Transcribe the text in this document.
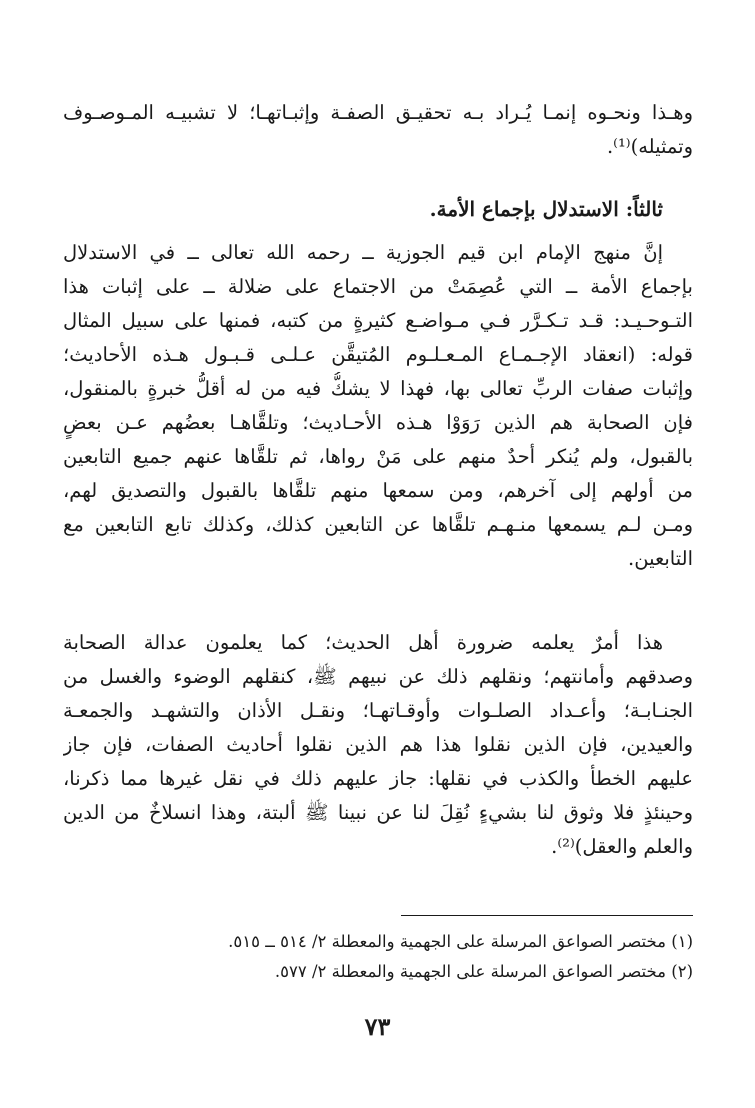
وهـذا ونحـوه إنمـا يُـراد بـه تحقيـق الصفـة وإثبـاتهـا؛ لا تشبيـه المـوصـوف
وتمثيله)⁽¹⁾.
ثالثاً: الاستدلال بإجماع الأمة.
إنَّ منهج الإمام ابن قيم الجوزية ــ رحمه الله تعالى ــ في الاستدلال
بإجماع الأمة ــ التي عُصِمَتْ من الاجتماع على ضلالة ــ على إثبات هذا
التـوحـيـد: قـد تـكـرَّر فـي مـواضـع كثيرةٍ من كتبه، فمنها على سبيل المثال
قوله: (انعقاد الإجـمـاع المـعـلـوم المُتيقَّن عـلـى قـبـول هـذه الأحاديث؛
وإثبات صفات الربِّ تعالى بها، فهذا لا يشكُّ فيه من له أقلُّ خبرةٍ بالمنقول،
فإن الصحابة هم الذين رَوَوْا هـذه الأحـاديث؛ وتلقَّاهـا بعضُهم عـن بعضٍ
بالقبول، ولم يُنكر أحدٌ منهم على مَنْ رواها، ثم تلقَّاها عنهم جميع التابعين
من أولهم إلى آخرهم، ومن سمعها منهم تلقَّاها بالقبول والتصديق لهم،
ومـن لـم يسمعها منـهـم تلقَّاها عن التابعين كذلك، وكذلك تابع التابعين مع
التابعين.
هذا أمرٌ يعلمه ضرورة أهل الحديث؛ كما يعلمون عدالة الصحابة
وصدقهم وأمانتهم؛ ونقلهم ذلك عن نبيهم ﷺ، كنقلهم الوضوء والغسل من
الجنـابـة؛ وأعـداد الصلـوات وأوقـاتهـا؛ ونقـل الأذان والتشهـد والجمعـة
والعيدين، فإن الذين نقلوا هذا هم الذين نقلوا أحاديث الصفات، فإن جاز
عليهم الخطأ والكذب في نقلها: جاز عليهم ذلك في نقل غيرها مما ذكرنا،
وحينئذٍ فلا وثوق لنا بشيءٍ نُقِلَ لنا عن نبينا ﷺ ألبتة، وهذا انسلاخٌ من الدين
والعلم والعقل)⁽²⁾.
(١) مختصر الصواعق المرسلة على الجهمية والمعطلة ٢/ ٥١٤ ــ ٥١٥.
(٢) مختصر الصواعق المرسلة على الجهمية والمعطلة ٢/ ٥٧٧.
٧٣
